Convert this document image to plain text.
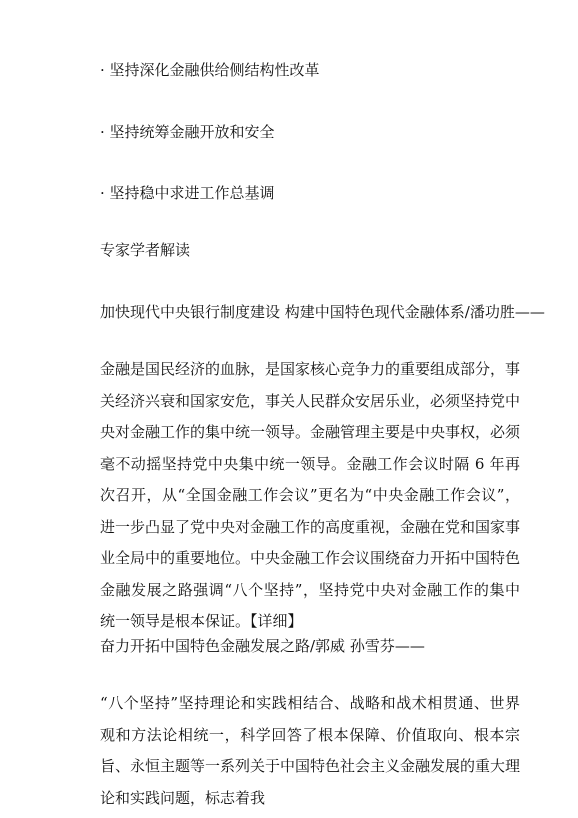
· 坚持深化金融供给侧结构性改革

· 坚持统筹金融开放和安全

· 坚持稳中求进工作总基调

专家学者解读

加快现代中央银行制度建设 构建中国特色现代金融体系/潘功胜——

金融是国民经济的血脉，是国家核心竞争力的重要组成部分，事关经济兴衰和国家安危，事关人民群众安居乐业，必须坚持党中央对金融工作的集中统一领导。金融管理主要是中央事权，必须毫不动摇坚持党中央集中统一领导。金融工作会议时隔 6 年再次召开，从“全国金融工作会议”更名为“中央金融工作会议”，进一步凸显了党中央对金融工作的高度重视，金融在党和国家事业全局中的重要地位。中央金融工作会议围绕奋力开拓中国特色金融发展之路强调“八个坚持”，坚持党中央对金融工作的集中统一领导是根本保证。【详细】

奋力开拓中国特色金融发展之路/郭威 孙雪芬——

“八个坚持”坚持理论和实践相结合、战略和战术相贯通、世界观和方法论相统一，科学回答了根本保障、价值取向、根本宗旨、永恒主题等一系列关于中国特色社会主义金融发展的重大理论和实践问题，标志着我
